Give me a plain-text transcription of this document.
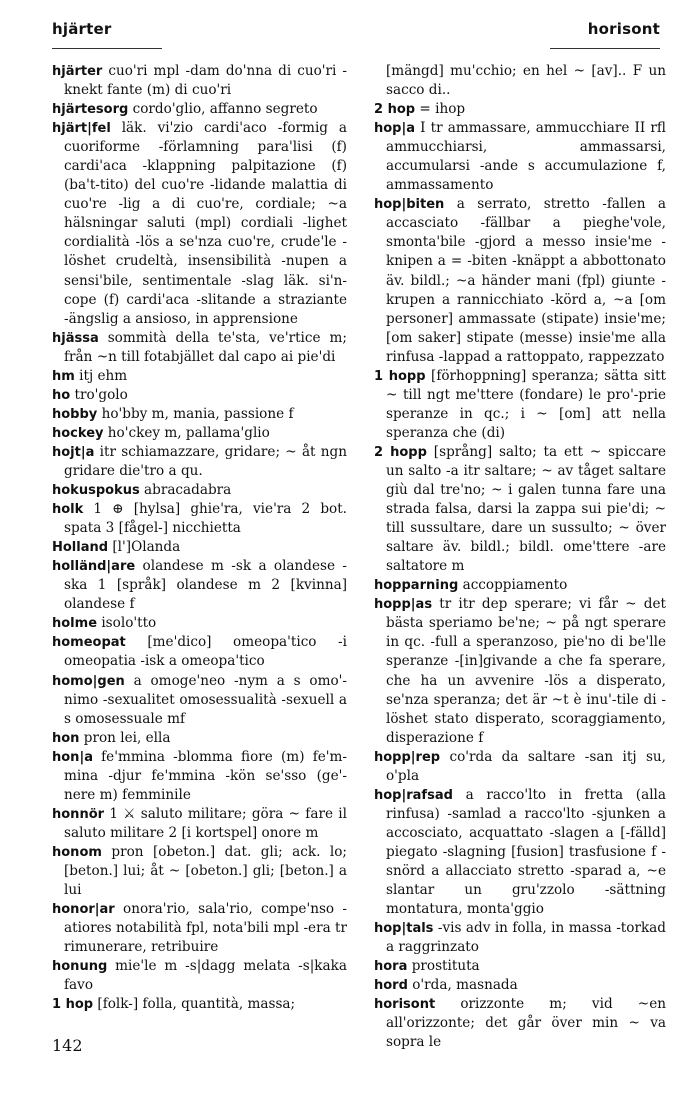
hjärter	horisont

hjärter cuo'ri mpl -dam do'nna di cuo'ri -knekt fante (m) di cuo'ri

hjärtesorg cordo'glio, affanno segreto

hjärt|fel läk. vi'zio cardi'aco -formig a cuoriforme -förlamning para'lisi (f) cardi'aca -klappning palpitazione (f) (ba't-tito) del cuo're -lidande malattia di cuo're -lig a di cuo're, cordiale; ~a hälsningar saluti (mpl) cordiali -lighet cordialità -lös a se'nza cuo're, crude'le -löshet crudeltà, insensibilità -nupen a sensi'bile, sentimentale -slag läk. si'n-cope (f) cardi'aca -slitande a straziante -ängslig a ansioso, in apprensione

hjässa sommità della te'sta, ve'rtice m; från ~n till fotabjället dal capo ai pie'di

hm itj ehm

ho tro'golo

hobby ho'bby m, mania, passione f

hockey ho'ckey m, pallama'glio

hojt|a itr schiamazzare, gridare; ~ åt ngn gridare die'tro a qu.

hokuspokus abracadabra

holk 1 ⊕ [hylsa] ghie'ra, vie'ra 2 bot. spata 3 [fågel-] nicchietta

Holland [l']Olanda

holländ|are olandese m -sk a olandese -ska 1 [språk] olandese m 2 [kvinna] olandese f

holme isolo'tto

homeopat [me'dico] omeopa'tico -i omeopatia -isk a omeopa'tico

homo|gen a omoge'neo -nym a s omo'-nimo -sexualitet omosessualità -sexuell a s omosessuale mf

hon pron lei, ella

hon|a fe'mmina -blomma fiore (m) fe'm-mina -djur fe'mmina -kön se'sso (ge'-nere m) femminile

honnör 1 ⚔ saluto militare; göra ~ fare il saluto militare 2 [i kortspel] onore m

honom pron [obeton.] dat. gli; ack. lo; [beton.] lui; åt ~ [obeton.] gli; [beton.] a lui

honor|ar onora'rio, sala'rio, compe'nso -atiores notabilità fpl, nota'bili mpl -era tr rimunerare, retribuire

honung mie'le m -s|dagg melata -s|kaka favo

1 hop [folk-] folla, quantità, massa;

[mängd] mu'cchio; en hel ~ [av].. F un sacco di..

2 hop = ihop

hop|a I tr ammassare, ammucchiare II rfl ammucchiarsi, ammassarsi, accumularsi -ande s accumulazione f, ammassamento

hop|biten a serrato, stretto -fallen a accasciato -fällbar a pieghe'vole, smonta'bile -gjord a messo insie'me -knipen a = -biten -knäppt a abbottonato äv. bildl.; ~a händer mani (fpl) giunte -krupen a rannicchiato -körd a, ~a [om personer] ammassate (stipate) insie'me; [om saker] stipate (messe) insie'me alla rinfusa -lappad a rattoppato, rappezzato

1 hopp [förhoppning] speranza; sätta sitt ~ till ngt me'ttere (fondare) le pro'-prie speranze in qc.; i ~ [om] att nella speranza che (di)

2 hopp [språng] salto; ta ett ~ spiccare un salto -a itr saltare; ~ av tåget saltare giù dal tre'no; ~ i galen tunna fare una strada falsa, darsi la zappa sui pie'di; ~ till sussultare, dare un sussulto; ~ över saltare äv. bildl.; bildl. ome'ttere -are saltatore m

hopparning accoppiamento

hopp|as tr itr dep sperare; vi får ~ det bästa speriamo be'ne; ~ på ngt sperare in qc. -full a speranzoso, pie'no di be'lle speranze -[in]givande a che fa sperare, che ha un avvenire -lös a disperato, se'nza speranza; det är ~t è inu'-tile di -löshet stato disperato, scoraggiamento, disperazione f

hopp|rep co'rda da saltare -san itj su, o'pla

hop|rafsad a racco'lto in fretta (alla rinfusa) -samlad a racco'lto -sjunken a accosciato, acquattato -slagen a [-fälld] piegato -slagning [fusion] trasfusione f -snörd a allacciato stretto -sparad a, ~e slantar un gru'zzolo -sättning montatura, monta'ggio

hop|tals -vis adv in folla, in massa -torkad a raggrinzato

hora prostituta

hord o'rda, masnada

horisont orizzonte m; vid ~en all'orizzonte; det går över min ~ va sopra le

142
